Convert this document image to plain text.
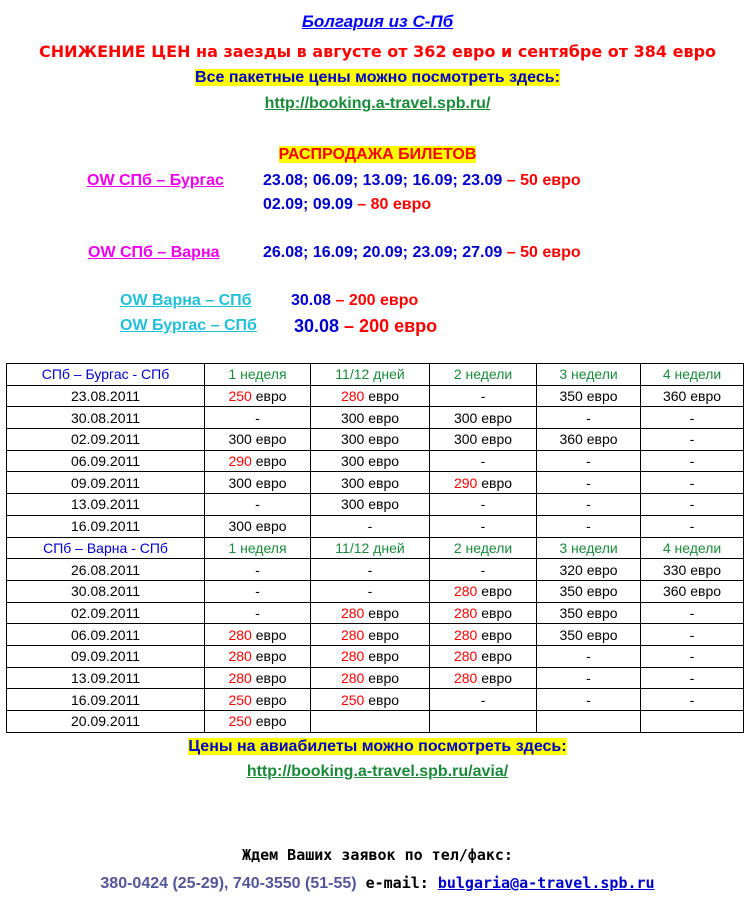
Болгария из С-Пб
СНИЖЕНИЕ ЦЕН на заезды в августе от 362 евро и сентябре от 384 евро
Все пакетные цены можно посмотреть здесь:
http://booking.a-travel.spb.ru/
РАСПРОДАЖА БИЛЕТОВ
OW СПб – Бургас 23.08; 06.09; 13.09; 16.09; 23.09 – 50 евро
02.09; 09.09 – 80 евро
OW СПб – Варна	26.08; 16.09; 20.09; 23.09; 27.09 – 50 евро
OW Варна – СПб 30.08 – 200 евро
OW Бургас – СПб 30.08 – 200 евро
СПб – Бургас - СПб	1 неделя	11/12 дней	2 недели	3 недели	4 недели
23.08.2011	250 евро	280 евро	-	350 евро	360 евро
30.08.2011	-	300 евро	300 евро	-	-
02.09.2011	300 евро	300 евро	300 евро	360 евро	-
06.09.2011	290 евро	300 евро	-	-	-
09.09.2011	300 евро	300 евро	290 евро	-	-
13.09.2011	-	300 евро	-	-	-
16.09.2011	300 евро	-	-	-	-
СПб – Варна - СПб	1 неделя	11/12 дней	2 недели	3 недели	4 недели
26.08.2011	-	-	-	320 евро	330 евро
30.08.2011	-	-	280 евро	350 евро	360 евро
02.09.2011	-	280 евро	280 евро	350 евро	-
06.09.2011	280 евро	280 евро	280 евро	350 евро	-
09.09.2011	280 евро	280 евро	280 евро	-	-
13.09.2011	280 евро	280 евро	280 евро	-	-
16.09.2011	250 евро	250 евро	-	-	-
20.09.2011	250 евро				
Цены на авиабилеты можно посмотреть здесь:
http://booking.a-travel.spb.ru/avia/
Ждем Ваших заявок по тел/факс:
380-0424 (25-29), 740-3550 (51-55) e-mail: bulgaria@a-travel.spb.ru
